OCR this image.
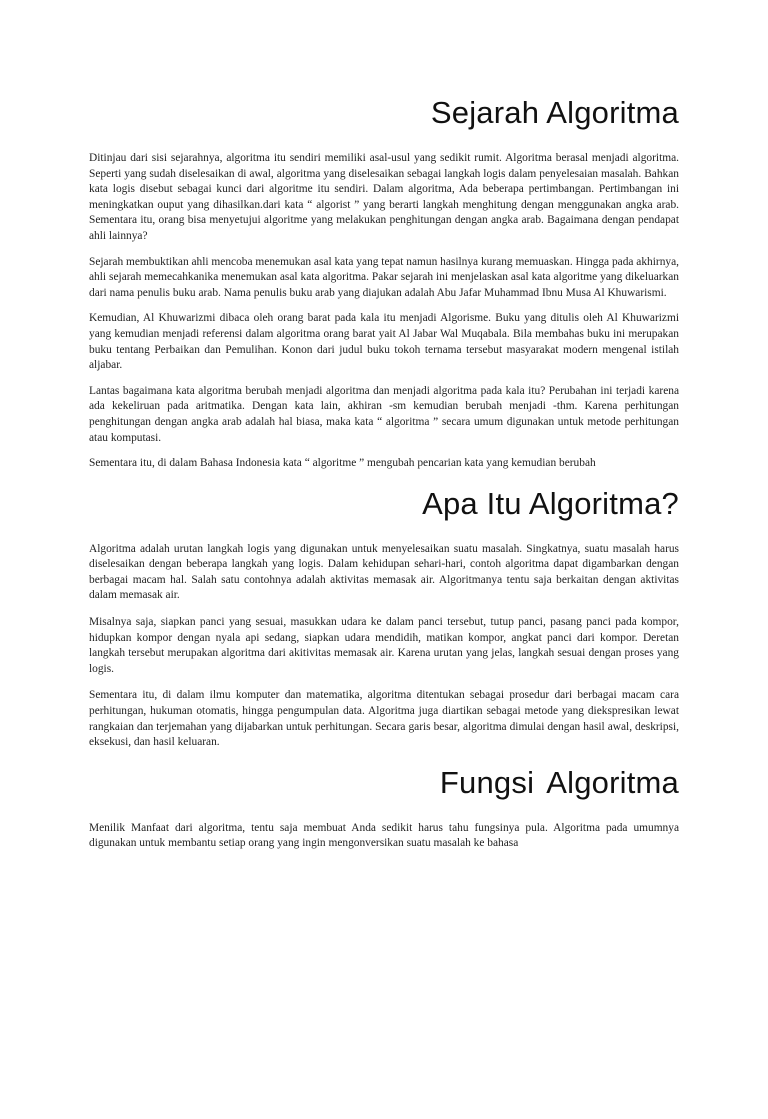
Sejarah Algoritma

Ditinjau dari sisi sejarahnya, algoritma itu sendiri memiliki asal-usul yang sedikit rumit. Algoritma berasal menjadi algoritma. Seperti yang sudah diselesaikan di awal, algoritma yang diselesaikan sebagai langkah logis dalam penyelesaian masalah. Bahkan kata logis disebut sebagai kunci dari algoritme itu sendiri. Dalam algoritma, Ada beberapa pertimbangan. Pertimbangan ini meningkatkan ouput yang dihasilkan.dari kata “ algorist ” yang berarti langkah menghitung dengan menggunakan angka arab. Sementara itu, orang bisa menyetujui algoritme yang melakukan penghitungan dengan angka arab. Bagaimana dengan pendapat ahli lainnya?

Sejarah membuktikan ahli mencoba menemukan asal kata yang tepat namun hasilnya kurang memuaskan. Hingga pada akhirnya, ahli sejarah memecahkanika menemukan asal kata algoritma. Pakar sejarah ini menjelaskan asal kata algoritme yang dikeluarkan dari nama penulis buku arab. Nama penulis buku arab yang diajukan adalah Abu Jafar Muhammad Ibnu Musa Al Khuwarismi.

Kemudian, Al Khuwarizmi dibaca oleh orang barat pada kala itu menjadi Algorisme. Buku yang ditulis oleh Al Khuwarizmi yang kemudian menjadi referensi dalam algoritma orang barat yait Al Jabar Wal Muqabala. Bila membahas buku ini merupakan buku tentang Perbaikan dan Pemulihan. Konon dari judul buku tokoh ternama tersebut masyarakat modern mengenal istilah aljabar.

Lantas bagaimana kata algoritma berubah menjadi algoritma dan menjadi algoritma pada kala itu? Perubahan ini terjadi karena ada kekeliruan pada aritmatika. Dengan kata lain, akhiran -sm kemudian berubah menjadi -thm. Karena perhitungan penghitungan dengan angka arab adalah hal biasa, maka kata “ algoritma ” secara umum digunakan untuk metode perhitungan atau komputasi.

Sementara itu, di dalam Bahasa Indonesia kata “ algoritme ” mengubah pencarian kata yang kemudian berubah

Apa Itu Algoritma?

Algoritma adalah urutan langkah logis yang digunakan untuk menyelesaikan suatu masalah. Singkatnya, suatu masalah harus diselesaikan dengan beberapa langkah yang logis. Dalam kehidupan sehari-hari, contoh algoritma dapat digambarkan dengan berbagai macam hal. Salah satu contohnya adalah aktivitas memasak air. Algoritmanya tentu saja berkaitan dengan aktivitas dalam memasak air.

Misalnya saja, siapkan panci yang sesuai, masukkan udara ke dalam panci tersebut, tutup panci, pasang panci pada kompor, hidupkan kompor dengan nyala api sedang, siapkan udara mendidih, matikan kompor, angkat panci dari kompor. Deretan langkah tersebut merupakan algoritma dari akitivitas memasak air. Karena urutan yang jelas, langkah sesuai dengan proses yang logis.

Sementara itu, di dalam ilmu komputer dan matematika, algoritma ditentukan sebagai prosedur dari berbagai macam cara perhitungan, hukuman otomatis, hingga pengumpulan data. Algoritma juga diartikan sebagai metode yang diekspresikan lewat rangkaian dan terjemahan yang dijabarkan untuk perhitungan. Secara garis besar, algoritma dimulai dengan hasil awal, deskripsi, eksekusi, dan hasil keluaran.

Fungsi Algoritma

Menilik Manfaat dari algoritma, tentu saja membuat Anda sedikit harus tahu fungsinya pula. Algoritma pada umumnya digunakan untuk membantu setiap orang yang ingin mengonversikan suatu masalah ke bahasa
